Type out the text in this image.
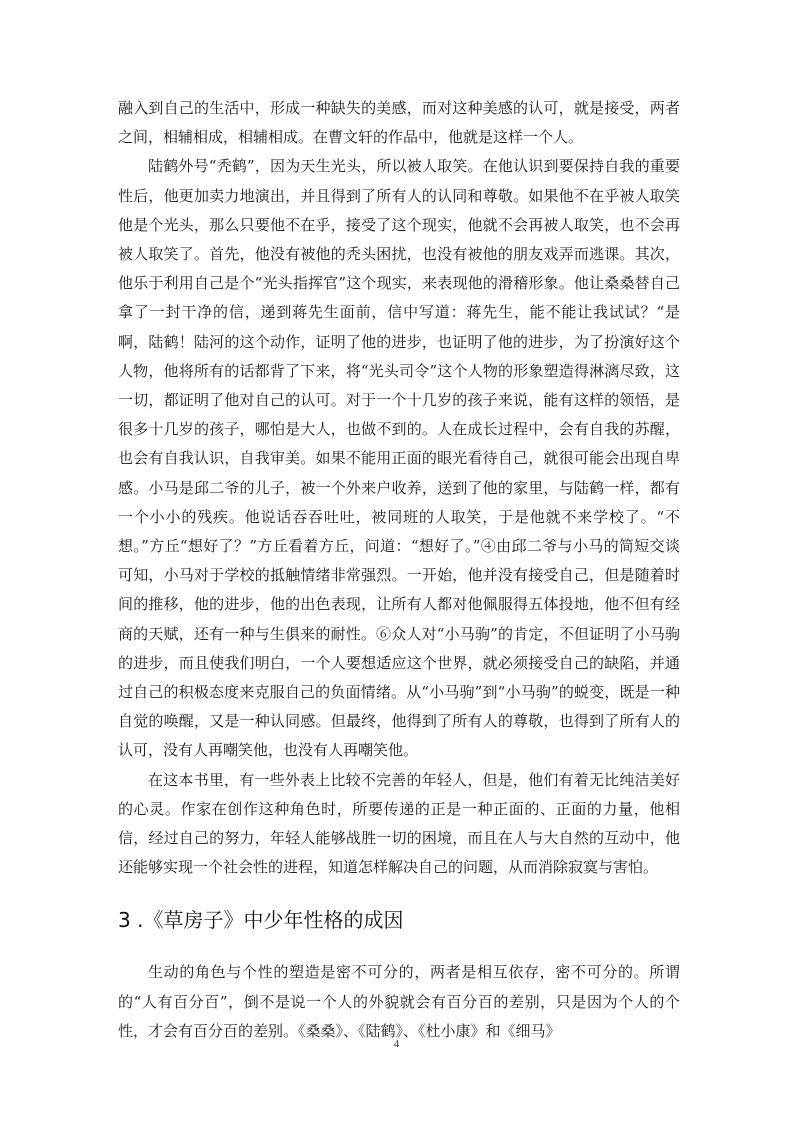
融入到自己的生活中，形成一种缺失的美感，而对这种美感的认可，就是接受，两者之间，相辅相成，相辅相成。在曹文轩的作品中，他就是这样一个人。

陆鹤外号“秃鹤”，因为天生光头，所以被人取笑。在他认识到要保持自我的重要性后，他更加卖力地演出，并且得到了所有人的认同和尊敬。如果他不在乎被人取笑他是个光头，那么只要他不在乎，接受了这个现实，他就不会再被人取笑，也不会再被人取笑了。首先，他没有被他的秃头困扰，也没有被他的朋友戏弄而逃课。其次，他乐于利用自己是个“光头指挥官”这个现实，来表现他的滑稽形象。他让桑桑替自己拿了一封干净的信，递到蒋先生面前，信中写道：蒋先生，能不能让我试试？“是啊，陆鹤！陆河的这个动作，证明了他的进步，也证明了他的进步，为了扮演好这个人物，他将所有的话都背了下来，将“光头司令”这个人物的形象塑造得淋漓尽致，这一切，都证明了他对自己的认可。对于一个十几岁的孩子来说，能有这样的领悟，是很多十几岁的孩子，哪怕是大人，也做不到的。人在成长过程中，会有自我的苏醒，也会有自我认识，自我审美。如果不能用正面的眼光看待自己，就很可能会出现自卑感。小马是邱二爷的儿子，被一个外来户收养，送到了他的家里，与陆鹤一样，都有一个小小的残疾。他说话吞吞吐吐，被同班的人取笑，于是他就不来学校了。“不想。”方丘“想好了？”方丘看着方丘，问道：“想好了。”④由邱二爷与小马的简短交谈可知，小马对于学校的抵触情绪非常强烈。一开始，他并没有接受自己，但是随着时间的推移，他的进步，他的出色表现，让所有人都对他佩服得五体投地，他不但有经商的天赋，还有一种与生俱来的耐性。⑥众人对“小马驹”的肯定，不但证明了小马驹的进步，而且使我们明白，一个人要想适应这个世界，就必须接受自己的缺陷，并通过自己的积极态度来克服自己的负面情绪。从“小马驹”到“小马驹”的蜕变，既是一种自觉的唤醒，又是一种认同感。但最终，他得到了所有人的尊敬，也得到了所有人的认可，没有人再嘲笑他，也没有人再嘲笑他。

在这本书里，有一些外表上比较不完善的年轻人，但是，他们有着无比纯洁美好的心灵。作家在创作这种角色时，所要传递的正是一种正面的、正面的力量，他相信，经过自己的努力，年轻人能够战胜一切的困境，而且在人与大自然的互动中，他还能够实现一个社会性的进程，知道怎样解决自己的问题，从而消除寂寞与害怕。

3 .《草房子》中少年性格的成因

生动的角色与个性的塑造是密不可分的，两者是相互依存，密不可分的。所谓的“人有百分百”，倒不是说一个人的外貌就会有百分百的差别，只是因为个人的个性，才会有百分百的差别。《桑桑》、《陆鹤》、《杜小康》和《细马》

4
